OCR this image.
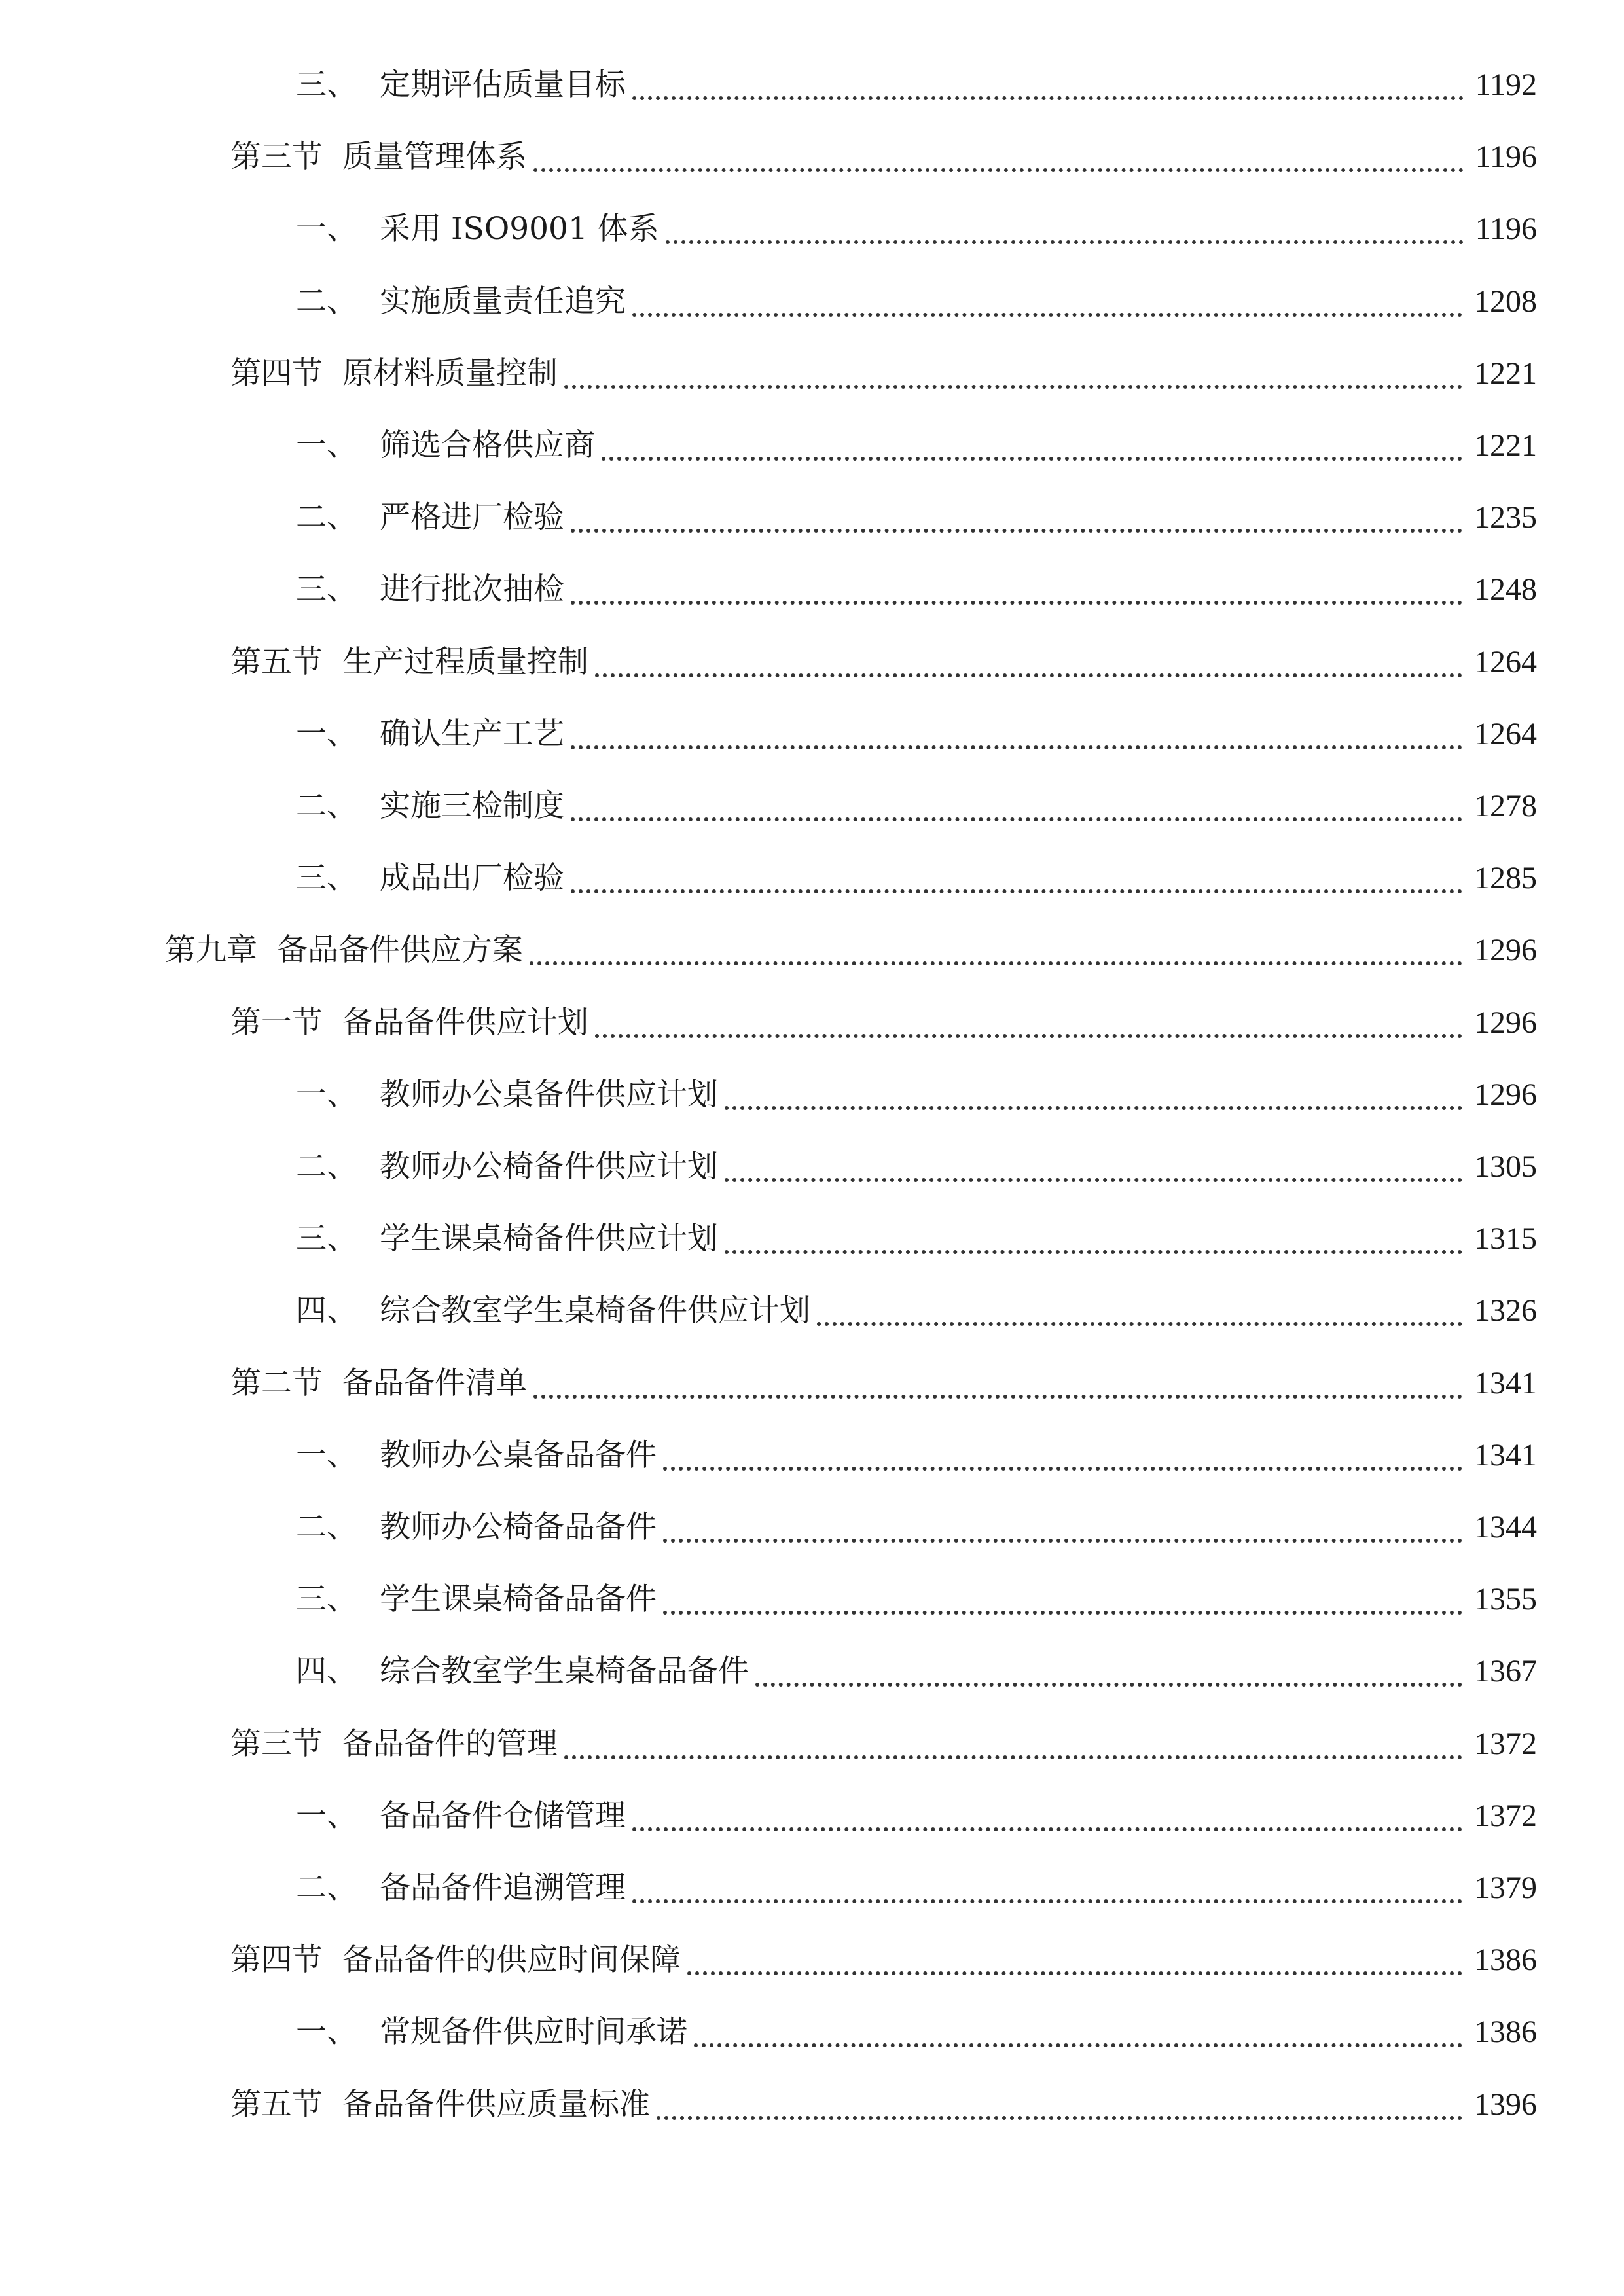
三、 定期评估质量目标	1192
第三节 质量管理体系	1196
一、 采用 ISO9001 体系	1196
二、 实施质量责任追究	1208
第四节 原材料质量控制	1221
一、 筛选合格供应商	1221
二、 严格进厂检验	1235
三、 进行批次抽检	1248
第五节 生产过程质量控制	1264
一、 确认生产工艺	1264
二、 实施三检制度	1278
三、 成品出厂检验	1285
第九章 备品备件供应方案	1296
第一节 备品备件供应计划	1296
一、 教师办公桌备件供应计划	1296
二、 教师办公椅备件供应计划	1305
三、 学生课桌椅备件供应计划	1315
四、 综合教室学生桌椅备件供应计划	1326
第二节 备品备件清单	1341
一、 教师办公桌备品备件	1341
二、 教师办公椅备品备件	1344
三、 学生课桌椅备品备件	1355
四、 综合教室学生桌椅备品备件	1367
第三节 备品备件的管理	1372
一、 备品备件仓储管理	1372
二、 备品备件追溯管理	1379
第四节 备品备件的供应时间保障	1386
一、 常规备件供应时间承诺	1386
第五节 备品备件供应质量标准	1396
